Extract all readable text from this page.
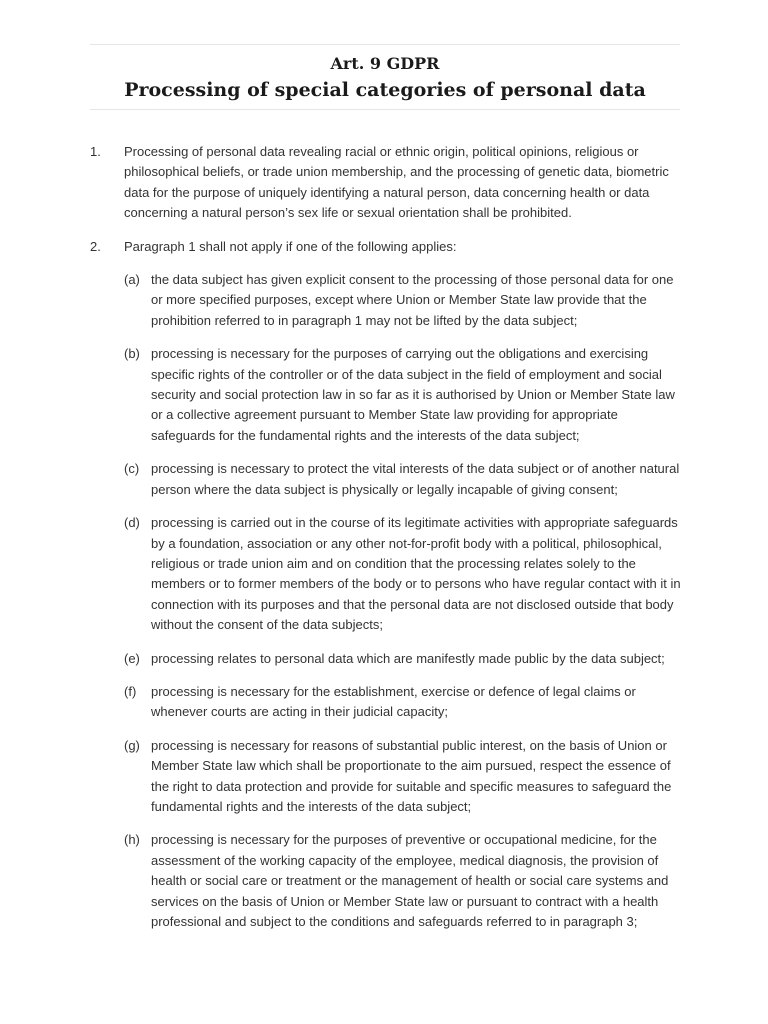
Art. 9 GDPR
Processing of special categories of personal data
1. Processing of personal data revealing racial or ethnic origin, political opinions, religious or philosophical beliefs, or trade union membership, and the processing of genetic data, biometric data for the purpose of uniquely identifying a natural person, data concerning health or data concerning a natural person’s sex life or sexual orientation shall be prohibited.
2. Paragraph 1 shall not apply if one of the following applies:
(a) the data subject has given explicit consent to the processing of those personal data for one or more specified purposes, except where Union or Member State law provide that the prohibition referred to in paragraph 1 may not be lifted by the data subject;
(b) processing is necessary for the purposes of carrying out the obligations and exercising specific rights of the controller or of the data subject in the field of employment and social security and social protection law in so far as it is authorised by Union or Member State law or a collective agreement pursuant to Member State law providing for appropriate safeguards for the fundamental rights and the interests of the data subject;
(c) processing is necessary to protect the vital interests of the data subject or of another natural person where the data subject is physically or legally incapable of giving consent;
(d) processing is carried out in the course of its legitimate activities with appropriate safeguards by a foundation, association or any other not-for-profit body with a political, philosophical, religious or trade union aim and on condition that the processing relates solely to the members or to former members of the body or to persons who have regular contact with it in connection with its purposes and that the personal data are not disclosed outside that body without the consent of the data subjects;
(e) processing relates to personal data which are manifestly made public by the data subject;
(f) processing is necessary for the establishment, exercise or defence of legal claims or whenever courts are acting in their judicial capacity;
(g) processing is necessary for reasons of substantial public interest, on the basis of Union or Member State law which shall be proportionate to the aim pursued, respect the essence of the right to data protection and provide for suitable and specific measures to safeguard the fundamental rights and the interests of the data subject;
(h) processing is necessary for the purposes of preventive or occupational medicine, for the assessment of the working capacity of the employee, medical diagnosis, the provision of health or social care or treatment or the management of health or social care systems and services on the basis of Union or Member State law or pursuant to contract with a health professional and subject to the conditions and safeguards referred to in paragraph 3;
